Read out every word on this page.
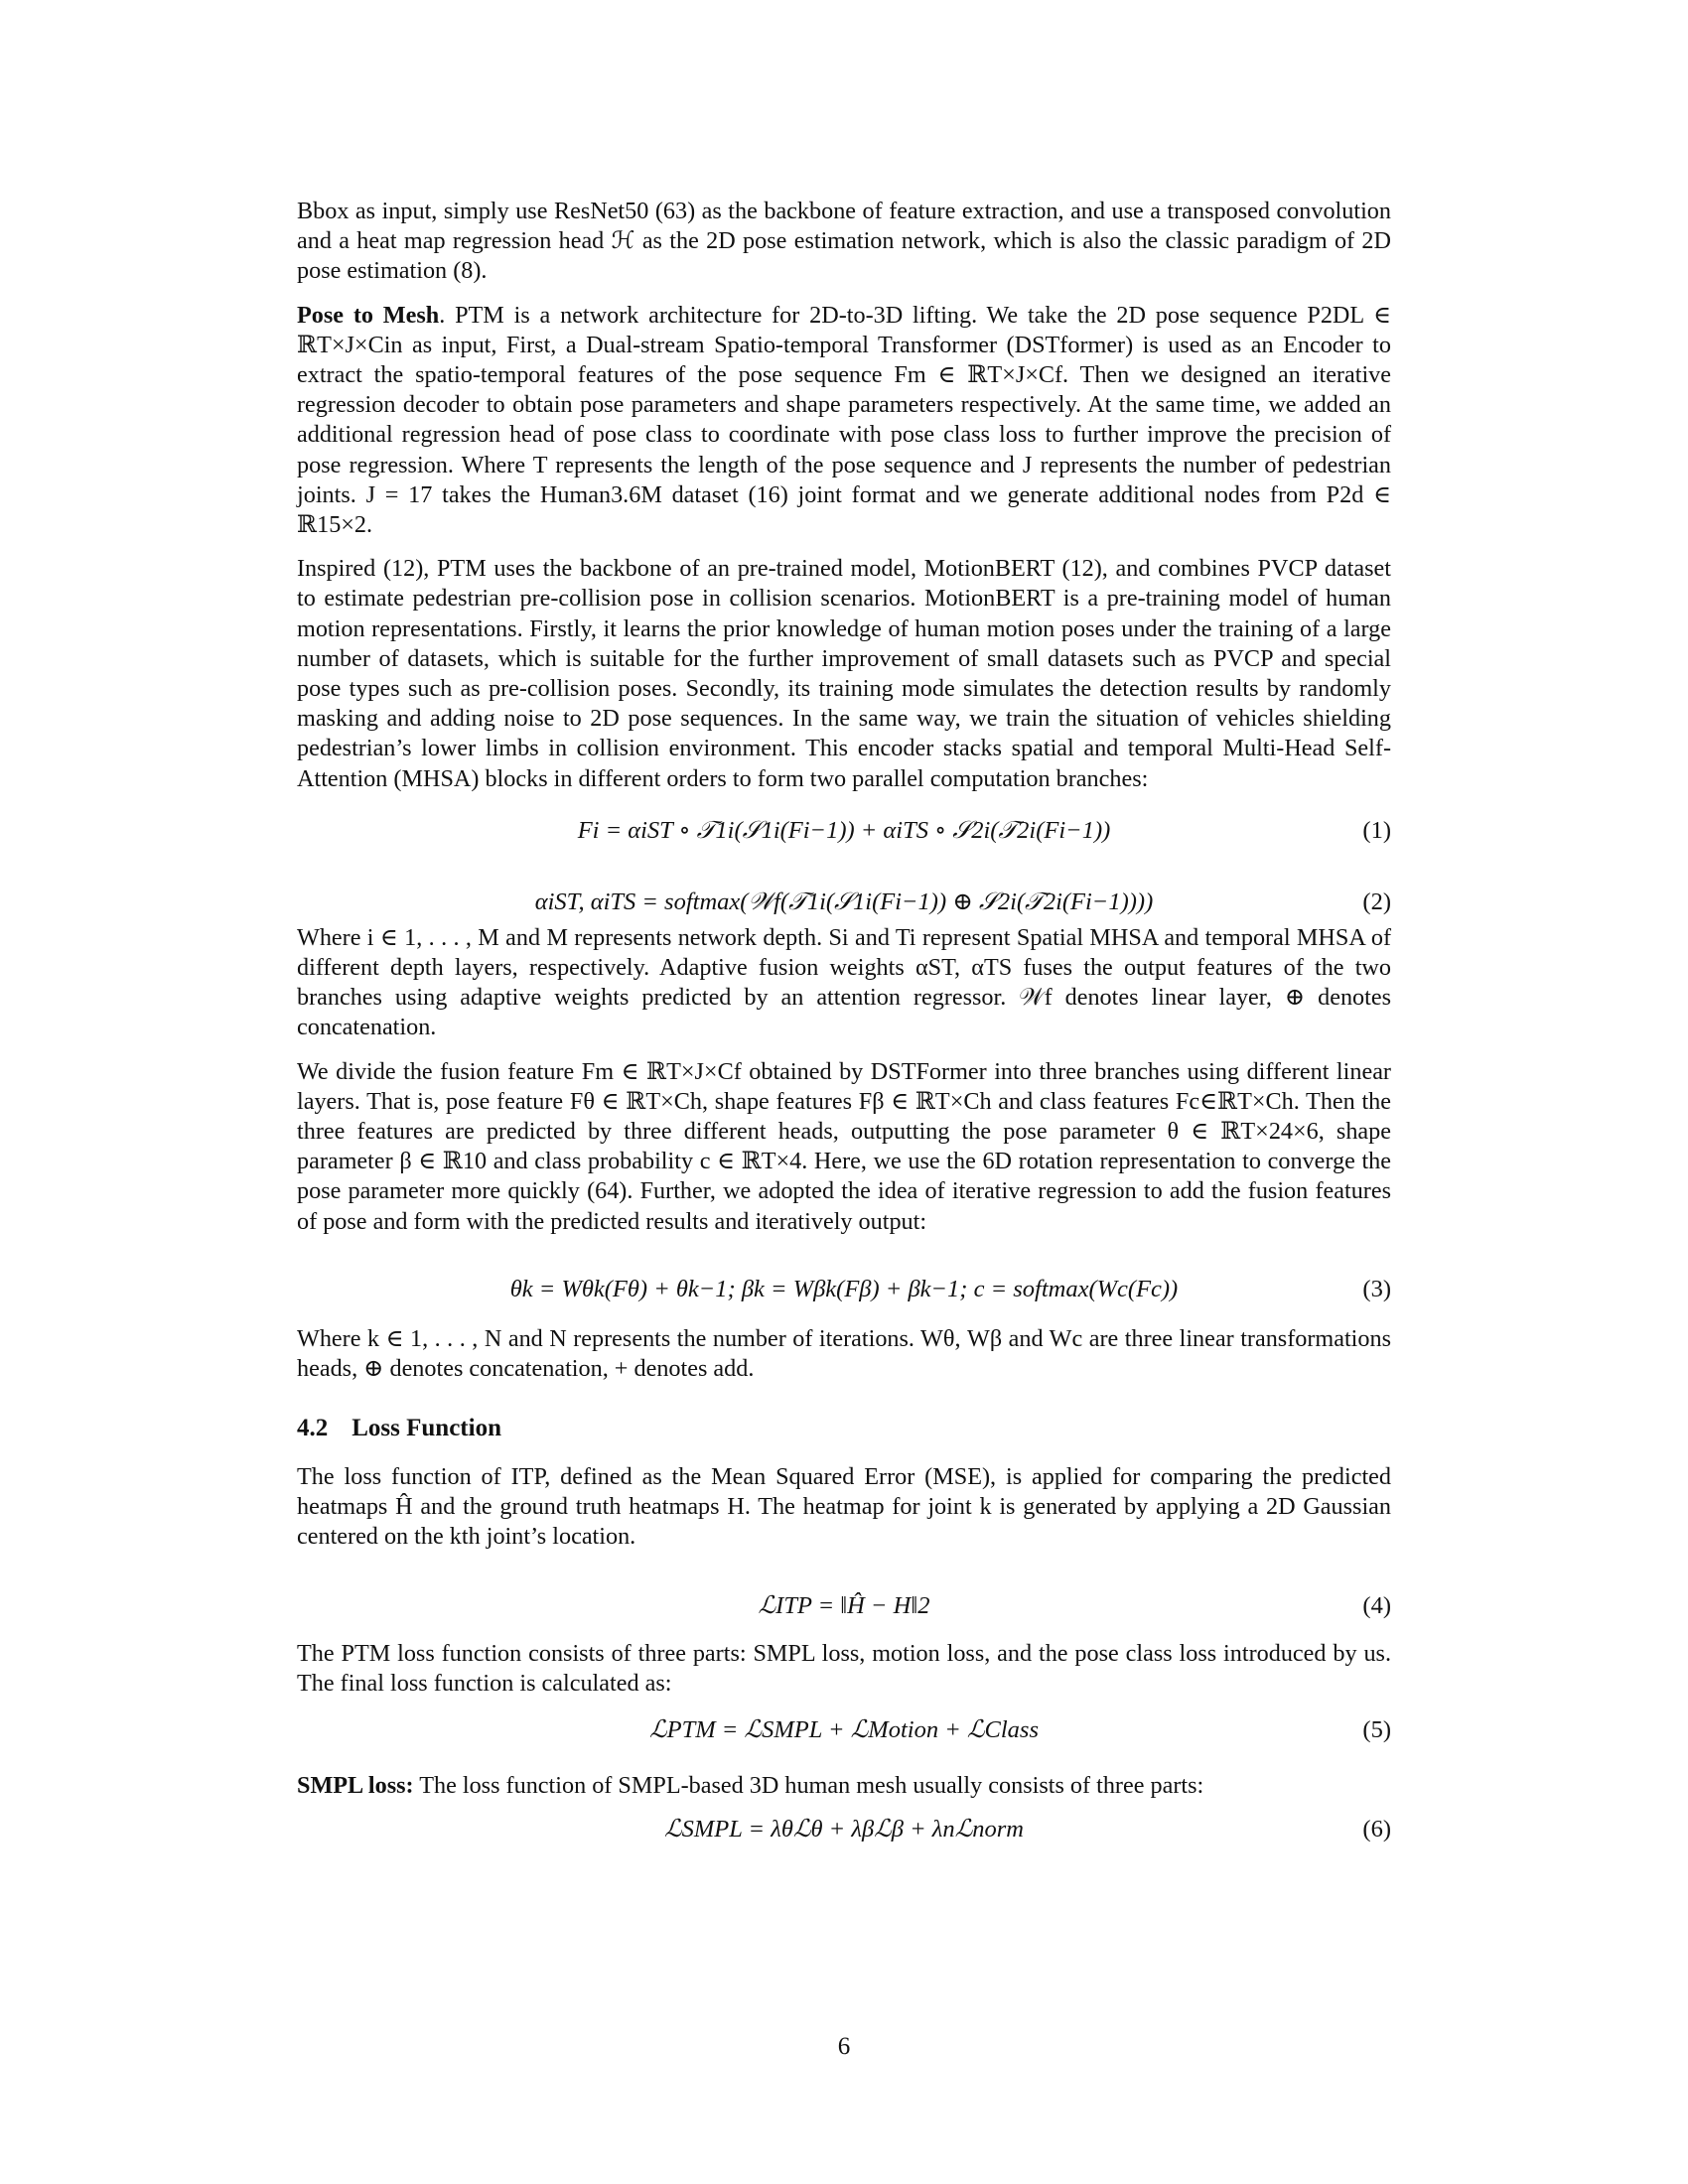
Bbox as input, simply use ResNet50 (63) as the backbone of feature extraction, and use a transposed convolution and a heat map regression head ℋ as the 2D pose estimation network, which is also the classic paradigm of 2D pose estimation (8).

Pose to Mesh. PTM is a network architecture for 2D-to-3D lifting. We take the 2D pose sequence P2DL ∈ ℝT×J×Cin as input, First, a Dual-stream Spatio-temporal Transformer (DSTformer) is used as an Encoder to extract the spatio-temporal features of the pose sequence Fm ∈ ℝT×J×Cf. Then we designed an iterative regression decoder to obtain pose parameters and shape parameters respectively. At the same time, we added an additional regression head of pose class to coordinate with pose class loss to further improve the precision of pose regression. Where T represents the length of the pose sequence and J represents the number of pedestrian joints. J = 17 takes the Human3.6M dataset (16) joint format and we generate additional nodes from P2d ∈ ℝ15×2.

Inspired (12), PTM uses the backbone of an pre-trained model, MotionBERT (12), and combines PVCP dataset to estimate pedestrian pre-collision pose in collision scenarios. MotionBERT is a pre-training model of human motion representations. Firstly, it learns the prior knowledge of human motion poses under the training of a large number of datasets, which is suitable for the further improvement of small datasets such as PVCP and special pose types such as pre-collision poses. Secondly, its training mode simulates the detection results by randomly masking and adding noise to 2D pose sequences. In the same way, we train the situation of vehicles shielding pedestrian’s lower limbs in collision environment. This encoder stacks spatial and temporal Multi-Head Self-Attention (MHSA) blocks in different orders to form two parallel computation branches:

Fi = αiST ∘ 𝒯1i(𝒮1i(Fi−1)) + αiTS ∘ 𝒮2i(𝒯2i(Fi−1))	(1)
αiST, αiTS = softmax(𝒲f(𝒯1i(𝒮1i(Fi−1)) ⊕ 𝒮2i(𝒯2i(Fi−1))))	(2)

Where i ∈ 1, . . . , M and M represents network depth. Si and Ti represent Spatial MHSA and temporal MHSA of different depth layers, respectively. Adaptive fusion weights αST, αTS fuses the output features of the two branches using adaptive weights predicted by an attention regressor. 𝒲f denotes linear layer, ⊕ denotes concatenation.

We divide the fusion feature Fm ∈ ℝT×J×Cf obtained by DSTFormer into three branches using different linear layers. That is, pose feature Fθ ∈ ℝT×Ch, shape features Fβ ∈ ℝT×Ch and class features Fc∈ℝT×Ch. Then the three features are predicted by three different heads, outputting the pose parameter θ ∈ ℝT×24×6, shape parameter β ∈ ℝ10 and class probability c ∈ ℝT×4. Here, we use the 6D rotation representation to converge the pose parameter more quickly (64). Further, we adopted the idea of iterative regression to add the fusion features of pose and form with the predicted results and iteratively output:

θk = Wθk(Fθ) + θk−1; βk = Wβk(Fβ) + βk−1; c = softmax(Wc(Fc))	(3)

Where k ∈ 1, . . . , N and N represents the number of iterations. Wθ, Wβ and Wc are three linear transformations heads, ⊕ denotes concatenation, + denotes add.

4.2 Loss Function

The loss function of ITP, defined as the Mean Squared Error (MSE), is applied for comparing the predicted heatmaps Ĥ and the ground truth heatmaps H. The heatmap for joint k is generated by applying a 2D Gaussian centered on the kth joint’s location.

ℒITP = ‖Ĥ − H‖2	(4)

The PTM loss function consists of three parts: SMPL loss, motion loss, and the pose class loss introduced by us. The final loss function is calculated as:

ℒPTM = ℒSMPL + ℒMotion + ℒClass	(5)

SMPL loss: The loss function of SMPL-based 3D human mesh usually consists of three parts:

ℒSMPL = λθℒθ + λβℒβ + λnℒnorm	(6)
6
